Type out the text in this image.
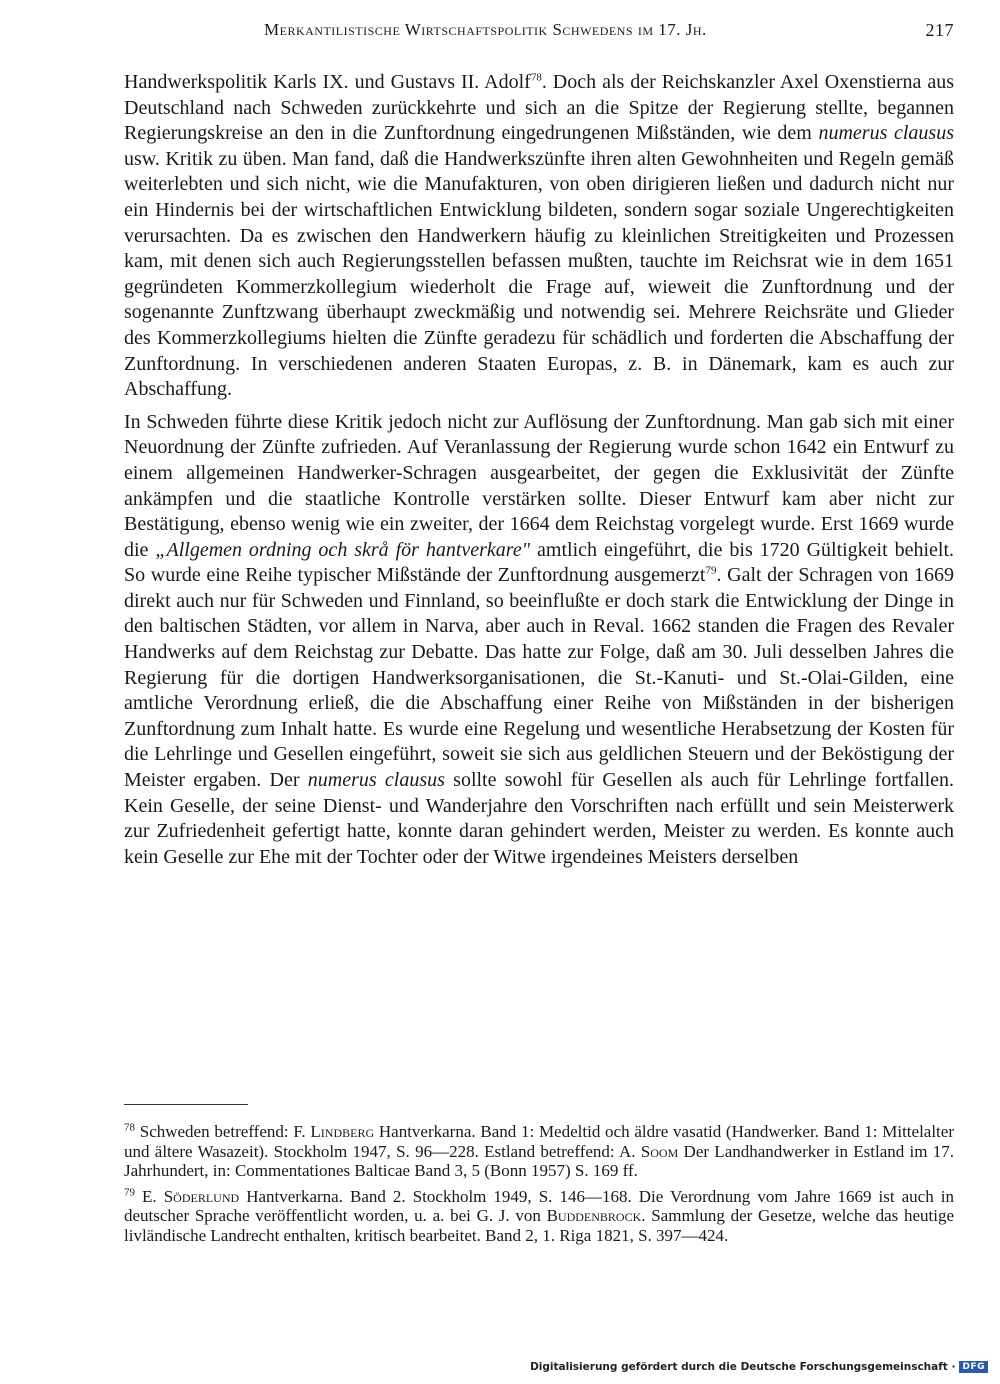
Merkantilistische Wirtschaftspolitik Schwedens im 17. Jh.	217

Handwerkspolitik Karls IX. und Gustavs II. Adolf$^{78}$. Doch als der Reichskanzler Axel Oxenstierna aus Deutschland nach Schweden zurückkehrte und sich an die Spitze der Regierung stellte, begannen Regierungskreise an den in die Zunftordnung eingedrungenen Mißständen, wie dem numerus clausus usw. Kritik zu üben. Man fand, daß die Handwerkszünfte ihren alten Gewohnheiten und Regeln gemäß weiterlebten und sich nicht, wie die Manufakturen, von oben dirigieren ließen und dadurch nicht nur ein Hindernis bei der wirtschaftlichen Entwicklung bildeten, sondern sogar soziale Ungerechtigkeiten verursachten. Da es zwischen den Handwerkern häufig zu kleinlichen Streitigkeiten und Prozessen kam, mit denen sich auch Regierungsstellen befassen mußten, tauchte im Reichsrat wie in dem 1651 gegründeten Kommerzkollegium wiederholt die Frage auf, wieweit die Zunftordnung und der sogenannte Zunftzwang überhaupt zweckmäßig und notwendig sei. Mehrere Reichsräte und Glieder des Kommerzkollegiums hielten die Zünfte geradezu für schädlich und forderten die Abschaffung der Zunftordnung. In verschiedenen anderen Staaten Europas, z. B. in Dänemark, kam es auch zur Abschaffung.

In Schweden führte diese Kritik jedoch nicht zur Auflösung der Zunftordnung. Man gab sich mit einer Neuordnung der Zünfte zufrieden. Auf Veranlassung der Regierung wurde schon 1642 ein Entwurf zu einem allgemeinen Handwerker-Schragen ausgearbeitet, der gegen die Exklusivität der Zünfte ankämpfen und die staatliche Kontrolle verstärken sollte. Dieser Entwurf kam aber nicht zur Bestätigung, ebenso wenig wie ein zweiter, der 1664 dem Reichstag vorgelegt wurde. Erst 1669 wurde die „Allgemen ordning och skrå för hantverkare" amtlich eingeführt, die bis 1720 Gültigkeit behielt. So wurde eine Reihe typischer Mißstände der Zunftordnung ausgemerzt$^{79}$. Galt der Schragen von 1669 direkt auch nur für Schweden und Finnland, so beeinflußte er doch stark die Entwicklung der Dinge in den baltischen Städten, vor allem in Narva, aber auch in Reval. 1662 standen die Fragen des Revaler Handwerks auf dem Reichstag zur Debatte. Das hatte zur Folge, daß am 30. Juli desselben Jahres die Regierung für die dortigen Handwerksorganisationen, die St.-Kanuti- und St.-Olai-Gilden, eine amtliche Verordnung erließ, die die Abschaffung einer Reihe von Mißständen in der bisherigen Zunftordnung zum Inhalt hatte. Es wurde eine Regelung und wesentliche Herabsetzung der Kosten für die Lehrlinge und Gesellen eingeführt, soweit sie sich aus geldlichen Steuern und der Beköstigung der Meister ergaben. Der numerus clausus sollte sowohl für Gesellen als auch für Lehrlinge fortfallen. Kein Geselle, der seine Dienst- und Wanderjahre den Vorschriften nach erfüllt und sein Meisterwerk zur Zufriedenheit gefertigt hatte, konnte daran gehindert werden, Meister zu werden. Es konnte auch kein Geselle zur Ehe mit der Tochter oder der Witwe irgendeines Meisters derselben

$^{78}$ Schweden betreffend: F. Lindberg Hantverkarna. Band 1: Medeltid och äldre vasatid (Handwerker. Band 1: Mittelalter und ältere Wasazeit). Stockholm 1947, S. 96—228. Estland betreffend: A. Soom Der Landhandwerker in Estland im 17. Jahrhundert, in: Commentationes Balticae Band 3, 5 (Bonn 1957) S. 169 ff.

$^{79}$ E. Söderlund Hantverkarna. Band 2. Stockholm 1949, S. 146—168. Die Verordnung vom Jahre 1669 ist auch in deutscher Sprache veröffentlicht worden, u. a. bei G. J. von Buddenbrock. Sammlung der Gesetze, welche das heutige livländische Landrecht enthalten, kritisch bearbeitet. Band 2, 1. Riga 1821, S. 397—424.

Digitalisierung gefördert durch die Deutsche Forschungsgemeinschaft · DFG
